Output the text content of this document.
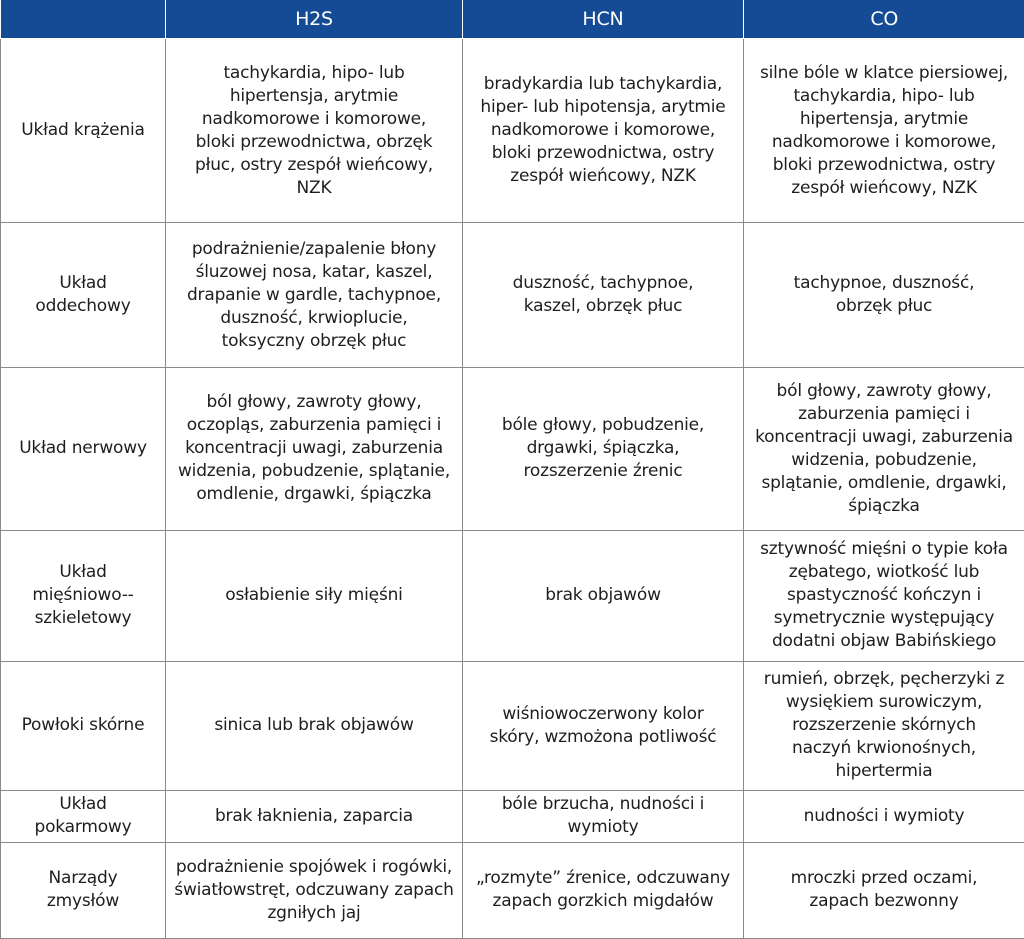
	H2S	HCN	CO
Układ krążenia	tachykardia, hipo- lub hipertensja, arytmie nadkomorowe i komorowe, bloki przewodnictwa, obrzęk płuc, ostry zespół wieńcowy, NZK	bradykardia lub tachykardia, hiper- lub hipotensja, arytmie nadkomorowe i komorowe, bloki przewodnictwa, ostry zespół wieńcowy, NZK	silne bóle w klatce piersiowej, tachykardia, hipo- lub hipertensja, arytmie nadkomorowe i komorowe, bloki przewodnictwa, ostry zespół wieńcowy, NZK
Układ oddechowy	podrażnienie/zapalenie błony śluzowej nosa, katar, kaszel, drapanie w gardle, tachypnoe, duszność, krwioplucie, toksyczny obrzęk płuc	duszność, tachypnoe, kaszel, obrzęk płuc	tachypnoe, duszność, obrzęk płuc
Układ nerwowy	ból głowy, zawroty głowy, oczopląs, zaburzenia pamięci i koncentracji uwagi, zaburzenia widzenia, pobudzenie, splątanie, omdlenie, drgawki, śpiączka	bóle głowy, pobudzenie, drgawki, śpiączka, rozszerzenie źrenic	ból głowy, zawroty głowy, zaburzenia pamięci i koncentracji uwagi, zaburzenia widzenia, pobudzenie, splątanie, omdlenie, drgawki, śpiączka
Układ mięśniowo--szkieletowy	osłabienie siły mięśni	brak objawów	sztywność mięśni o typie koła zębatego, wiotkość lub spastyczność kończyn i symetrycznie występujący dodatni objaw Babińskiego
Powłoki skórne	sinica lub brak objawów	wiśniowoczerwony kolor skóry, wzmożona potliwość	rumień, obrzęk, pęcherzyki z wysiękiem surowiczym, rozszerzenie skórnych naczyń krwionośnych, hipertermia
Układ pokarmowy	brak łaknienia, zaparcia	bóle brzucha, nudności i wymioty	nudności i wymioty
Narządy zmysłów	podrażnienie spojówek i rogówki, światłowstręt, odczuwany zapach zgniłych jaj	„rozmyte” źrenice, odczuwany zapach gorzkich migdałów	mroczki przed oczami, zapach bezwonny
